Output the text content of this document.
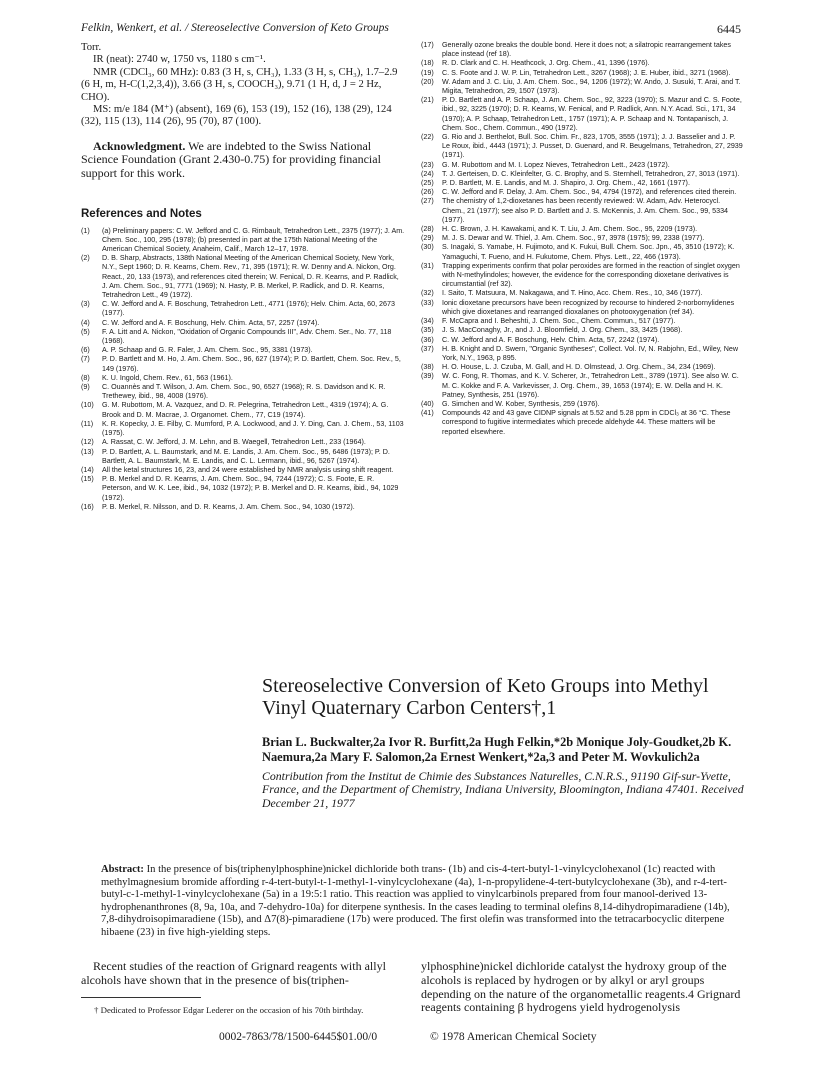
Felkin, Wenkert, et al. / Stereoselective Conversion of Keto Groups	6445

Torr.

IR (neat): 2740 w, 1750 vs, 1180 s cm⁻¹.

NMR (CDCl₃, 60 MHz): 0.83 (3 H, s, CH₃), 1.33 (3 H, s, CH₃), 1.7–2.9 (6 H, m, H-C(1,2,3,4)), 3.66 (3 H, s, COOCH₃), 9.71 (1 H, d, J = 2 Hz, CHO).

MS: m/e 184 (M⁺) (absent), 169 (6), 153 (19), 152 (16), 138 (29), 124 (32), 115 (13), 114 (26), 95 (70), 87 (100).

Acknowledgment. We are indebted to the Swiss National Science Foundation (Grant 2.430-0.75) for providing financial support for this work.

References and Notes
(1) (a) Preliminary papers: C. W. Jefford and C. G. Rimbault, Tetrahedron Lett., 2375 (1977); J. Am. Chem. Soc., 100, 295 (1978); (b) presented in part at the 175th National Meeting of the American Chemical Society, Anaheim, Calif., March 12–17, 1978.
(2) D. B. Sharp, Abstracts, 138th National Meeting of the American Chemical Society, New York, N.Y., Sept 1960; D. R. Kearns, Chem. Rev., 71, 395 (1971); R. W. Denny and A. Nickon, Org. React., 20, 133 (1973), and references cited therein; W. Fenical, D. R. Kearns, and P. Radlick, J. Am. Chem. Soc., 91, 7771 (1969); N. Hasty, P. B. Merkel, P. Radlick, and D. R. Kearns, Tetrahedron Lett., 49 (1972).
(3) C. W. Jefford and A. F. Boschung, Tetrahedron Lett., 4771 (1976); Helv. Chim. Acta, 60, 2673 (1977).
(4) C. W. Jefford and A. F. Boschung, Helv. Chim. Acta, 57, 2257 (1974).
(5) F. A. Litt and A. Nickon, "Oxidation of Organic Compounds III", Adv. Chem. Ser., No. 77, 118 (1968).
(6) A. P. Schaap and G. R. Faler, J. Am. Chem. Soc., 95, 3381 (1973).
(7) P. D. Bartlett and M. Ho, J. Am. Chem. Soc., 96, 627 (1974); P. D. Bartlett, Chem. Soc. Rev., 5, 149 (1976).
(8) K. U. Ingold, Chem. Rev., 61, 563 (1961).
(9) C. Ouannès and T. Wilson, J. Am. Chem. Soc., 90, 6527 (1968); R. S. Davidson and K. R. Trethewey, ibid., 98, 4008 (1976).
(10) G. M. Rubottom, M. A. Vazquez, and D. R. Pelegrina, Tetrahedron Lett., 4319 (1974); A. G. Brook and D. M. Macrae, J. Organomet. Chem., 77, C19 (1974).
(11) K. R. Kopecky, J. E. Filby, C. Mumford, P. A. Lockwood, and J. Y. Ding, Can. J. Chem., 53, 1103 (1975).
(12) A. Rassat, C. W. Jefford, J. M. Lehn, and B. Waegell, Tetrahedron Lett., 233 (1964).
(13) P. D. Bartlett, A. L. Baumstark, and M. E. Landis, J. Am. Chem. Soc., 95, 6486 (1973); P. D. Bartlett, A. L. Baumstark, M. E. Landis, and C. L. Lermann, ibid., 96, 5267 (1974).
(14) All the ketal structures 16, 23, and 24 were established by NMR analysis using shift reagent.
(15) P. B. Merkel and D. R. Kearns, J. Am. Chem. Soc., 94, 7244 (1972); C. S. Foote, E. R. Peterson, and W. K. Lee, ibid., 94, 1032 (1972); P. B. Merkel and D. R. Kearns, ibid., 94, 1029 (1972).
(16) P. B. Merkel, R. Nilsson, and D. R. Kearns, J. Am. Chem. Soc., 94, 1030 (1972).
(17) Generally ozone breaks the double bond. Here it does not; a silatropic rearrangement takes place instead (ref 18).
(18) R. D. Clark and C. H. Heathcock, J. Org. Chem., 41, 1396 (1976).
(19) C. S. Foote and J. W. P. Lin, Tetrahedron Lett., 3267 (1968); J. E. Huber, ibid., 3271 (1968).
(20) W. Adam and J. C. Liu, J. Am. Chem. Soc., 94, 1206 (1972); W. Ando, J. Susuki, T. Arai, and T. Migita, Tetrahedron, 29, 1507 (1973).
(21) P. D. Bartlett and A. P. Schaap, J. Am. Chem. Soc., 92, 3223 (1970); S. Mazur and C. S. Foote, ibid., 92, 3225 (1970); D. R. Kearns, W. Fenical, and P. Radlick, Ann. N.Y. Acad. Sci., 171, 34 (1970); A. P. Schaap, Tetrahedron Lett., 1757 (1971); A. P. Schaap and N. Tontapanisch, J. Chem. Soc., Chem. Commun., 490 (1972).
(22) G. Rio and J. Berthelot, Bull. Soc. Chim. Fr., 823, 1705, 3555 (1971); J. J. Basselier and J. P. Le Roux, ibid., 4443 (1971); J. Pusset, D. Guenard, and R. Beugelmans, Tetrahedron, 27, 2939 (1971).
(23) G. M. Rubottom and M. I. Lopez Nieves, Tetrahedron Lett., 2423 (1972).
(24) T. J. Gerteisen, D. C. Kleinfelter, G. C. Brophy, and S. Sternhell, Tetrahedron, 27, 3013 (1971).
(25) P. D. Bartlett, M. E. Landis, and M. J. Shapiro, J. Org. Chem., 42, 1661 (1977).
(26) C. W. Jefford and F. Delay, J. Am. Chem. Soc., 94, 4794 (1972), and references cited therein.
(27) The chemistry of 1,2-dioxetanes has been recently reviewed: W. Adam, Adv. Heterocycl. Chem., 21 (1977); see also P. D. Bartlett and J. S. McKennis, J. Am. Chem. Soc., 99, 5334 (1977).
(28) H. C. Brown, J. H. Kawakami, and K. T. Liu, J. Am. Chem. Soc., 95, 2209 (1973).
(29) M. J. S. Dewar and W. Thiel, J. Am. Chem. Soc., 97, 3978 (1975); 99, 2338 (1977).
(30) S. Inagaki, S. Yamabe, H. Fujimoto, and K. Fukui, Bull. Chem. Soc. Jpn., 45, 3510 (1972); K. Yamaguchi, T. Fueno, and H. Fukutome, Chem. Phys. Lett., 22, 466 (1973).
(31) Trapping experiments confirm that polar peroxides are formed in the reaction of singlet oxygen with N-methylindoles; however, the evidence for the corresponding dioxetane derivatives is circumstantial (ref 32).
(32) I. Saito, T. Matsuura, M. Nakagawa, and T. Hino, Acc. Chem. Res., 10, 346 (1977).
(33) Ionic dioxetane precursors have been recognized by recourse to hindered 2-norbornylidenes which give dioxetanes and rearranged dioxalanes on photooxygenation (ref 34).
(34) F. McCapra and I. Beheshti, J. Chem. Soc., Chem. Commun., 517 (1977).
(35) J. S. MacConaghy, Jr., and J. J. Bloomfield, J. Org. Chem., 33, 3425 (1968).
(36) C. W. Jefford and A. F. Boschung, Helv. Chim. Acta, 57, 2242 (1974).
(37) H. B. Knight and D. Swern, "Organic Syntheses", Collect. Vol. IV, N. Rabjohn, Ed., Wiley, New York, N.Y., 1963, p 895.
(38) H. O. House, L. J. Czuba, M. Gall, and H. D. Olmstead, J. Org. Chem., 34, 234 (1969).
(39) W. C. Fong, R. Thomas, and K. V. Scherer, Jr., Tetrahedron Lett., 3789 (1971). See also W. C. M. C. Kokke and F. A. Varkevisser, J. Org. Chem., 39, 1653 (1974); E. W. Della and H. K. Patney, Synthesis, 251 (1976).
(40) G. Simchen and W. Kober, Synthesis, 259 (1976).
(41) Compounds 42 and 43 gave CIDNP signals at 5.52 and 5.28 ppm in CDCl₃ at 36 °C. These correspond to fugitive intermediates which precede aldehyde 44. These matters will be reported elsewhere.
Stereoselective Conversion of Keto Groups into Methyl Vinyl Quaternary Carbon Centers†,1
Brian L. Buckwalter,2a Ivor R. Burfitt,2a Hugh Felkin,*2b Monique Joly-Goudket,2b K. Naemura,2a Mary F. Salomon,2a Ernest Wenkert,*2a,3 and Peter M. Wovkulich2a
Contribution from the Institut de Chimie des Substances Naturelles, C.N.R.S., 91190 Gif-sur-Yvette, France, and the Department of Chemistry, Indiana University, Bloomington, Indiana 47401. Received December 21, 1977
Abstract: In the presence of bis(triphenylphosphine)nickel dichloride both trans- (1b) and cis-4-tert-butyl-1-vinylcyclohexanol (1c) reacted with methylmagnesium bromide affording r-4-tert-butyl-t-1-methyl-1-vinylcyclohexane (4a), 1-n-propylidene-4-tert-butylcyclohexane (3b), and r-4-tert-butyl-c-1-methyl-1-vinylcyclohexane (5a) in a 19:5:1 ratio. This reaction was applied to vinylcarbinols prepared from four manool-derived 13-hydrophenanthrones (8, 9a, 10a, and 7-dehydro-10a) for diterpene synthesis. In the cases leading to terminal olefins 8,14-dihydropimaradiene (14b), 7,8-dihydroisopimaradiene (15b), and Δ7(8)-pimaradiene (17b) were produced. The first olefin was transformed into the tetracarbocyclic diterpene hibaene (23) in five high-yielding steps.

Recent studies of the reaction of Grignard reagents with allyl alcohols have shown that in the presence of bis(triphen-

ylphosphine)nickel dichloride catalyst the hydroxy group of the alcohols is replaced by hydrogen or by alkyl or aryl groups depending on the nature of the organometallic reagents.4 Grignard reagents containing β hydrogens yield hydrogenolysis

† Dedicated to Professor Edgar Lederer on the occasion of his 70th birthday.
0002-7863/78/1500-6445$01.00/0	© 1978 American Chemical Society
